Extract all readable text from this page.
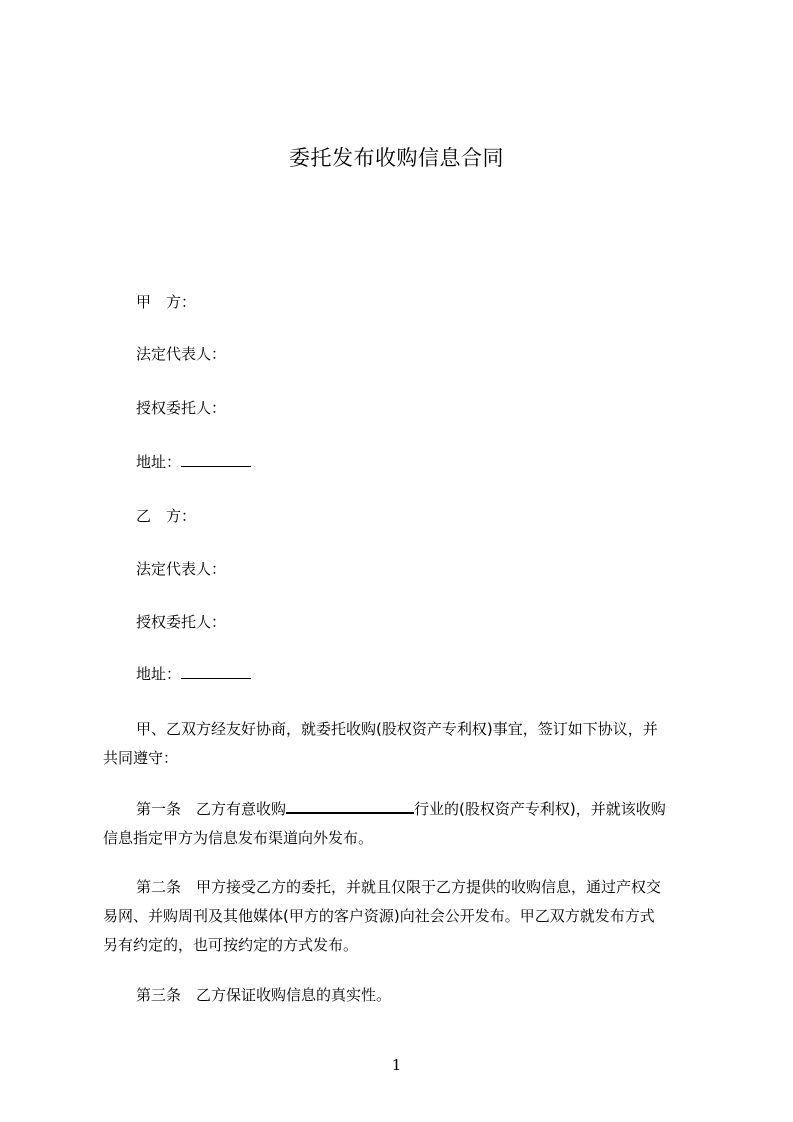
委托发布收购信息合同
甲　方：
法定代表人：
授权委托人：
地址：
乙　方：
法定代表人：
授权委托人：
地址：
甲、乙双方经友好协商，就委托收购(股权资产专利权)事宜，签订如下协议，并
共同遵守：
第一条　乙方有意收购	行业的(股权资产专利权)，并就该收购
信息指定甲方为信息发布渠道向外发布。
第二条　甲方接受乙方的委托，并就且仅限于乙方提供的收购信息，通过产权交
易网、并购周刊及其他媒体(甲方的客户资源)向社会公开发布。甲乙双方就发布方式
另有约定的，也可按约定的方式发布。
第三条　乙方保证收购信息的真实性。
1
